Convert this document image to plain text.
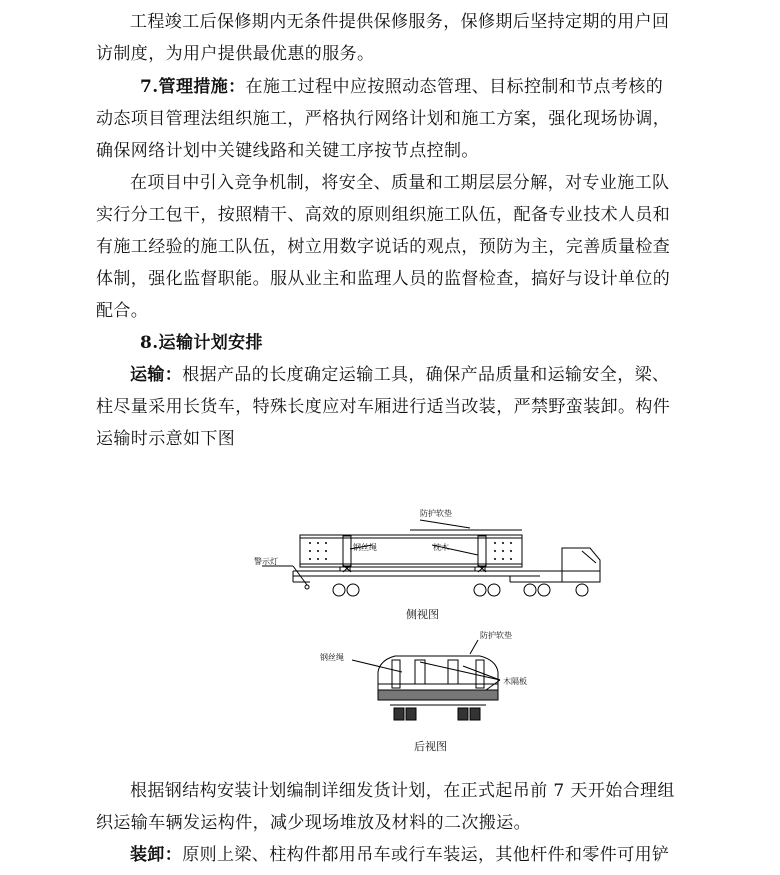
工程竣工后保修期内无条件提供保修服务，保修期后坚持定期的用户回
访制度，为用户提供最优惠的服务。
7.管理措施：在施工过程中应按照动态管理、目标控制和节点考核的
动态项目管理法组织施工，严格执行网络计划和施工方案，强化现场协调，
确保网络计划中关键线路和关键工序按节点控制。
在项目中引入竞争机制，将安全、质量和工期层层分解，对专业施工队
实行分工包干，按照精干、高效的原则组织施工队伍，配备专业技术人员和
有施工经验的施工队伍，树立用数字说话的观点，预防为主，完善质量检查
体制，强化监督职能。服从业主和监理人员的监督检查，搞好与设计单位的
配合。
8.运输计划安排
运输：根据产品的长度确定运输工具，确保产品质量和运输安全，梁、
柱尽量采用长货车，特殊长度应对车厢进行适当改装，严禁野蛮装卸。构件
运输时示意如下图
防护软垫
钢丝绳	枕木
警示灯
侧视图
防护软垫
钢丝绳
木隔板
后视图
根据钢结构安装计划编制详细发货计划，在正式起吊前 7 天开始合理组
织运输车辆发运构件，减少现场堆放及材料的二次搬运。
装卸：原则上梁、柱构件都用吊车或行车装运，其他杆件和零件可用铲
